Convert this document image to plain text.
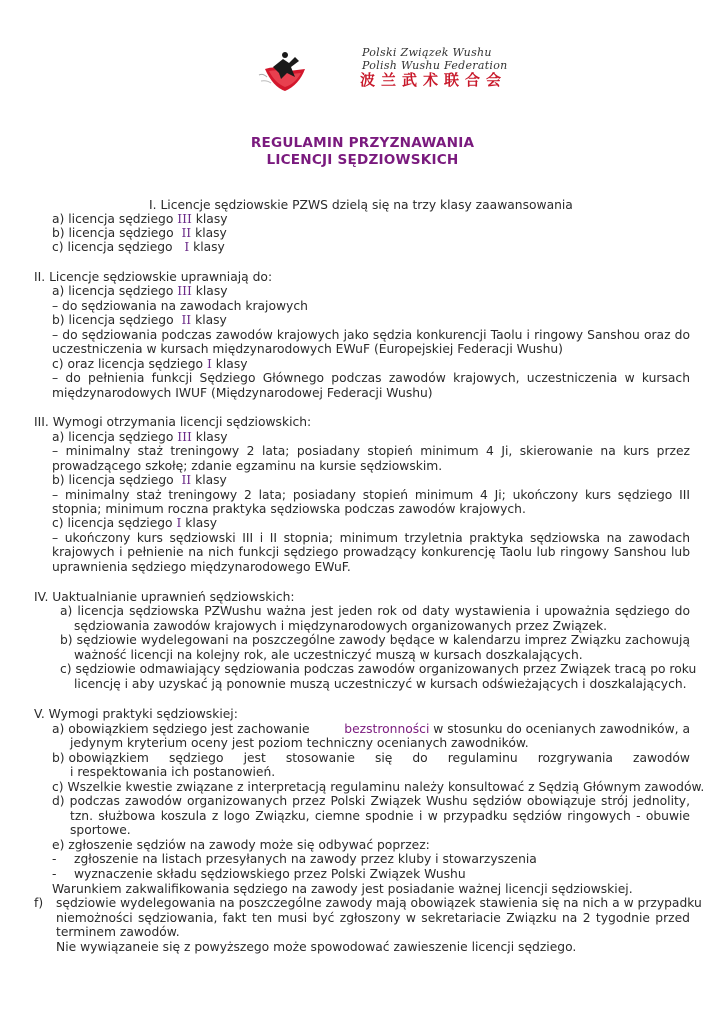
Polski Związek Wushu
Polish Wushu Federation
波兰武术联合会
REGULAMIN PRZYZNAWANIA
LICENCJI SĘDZIOWSKICH
I. Licencje sędziowskie PZWS dzielą się na trzy klasy zaawansowania
a) licencja sędziego III klasy
b) licencja sędziego  II klasy
c) licencja sędziego   I klasy
II. Licencje sędziowskie uprawniają do:
a) licencja sędziego III klasy
– do sędziowania na zawodach krajowych
b) licencja sędziego  II klasy
– do sędziowania podczas zawodów krajowych jako sędzia konkurencji Taolu i ringowy Sanshou oraz do
uczestniczenia w kursach międzynarodowych EWuF (Europejskiej Federacji Wushu)
c) oraz licencja sędziego I klasy
– do pełnienia funkcji Sędziego Głównego podczas zawodów krajowych, uczestniczenia w kursach
międzynarodowych IWUF (Międzynarodowej Federacji Wushu)
III. Wymogi otrzymania licencji sędziowskich:
a) licencja sędziego III klasy
– minimalny staż treningowy 2 lata; posiadany stopień minimum 4 Ji, skierowanie na kurs przez
prowadzącego szkołę; zdanie egzaminu na kursie sędziowskim.
b) licencja sędziego  II klasy
– minimalny staż treningowy 2 lata; posiadany stopień minimum 4 Ji; ukończony kurs sędziego III
stopnia; minimum roczna praktyka sędziowska podczas zawodów krajowych.
c) licencja sędziego I klasy
– ukończony kurs sędziowski III i II stopnia; minimum trzyletnia praktyka sędziowska na zawodach
krajowych i pełnienie na nich funkcji sędziego prowadzący konkurencję Taolu lub ringowy Sanshou lub
uprawnienia sędziego międzynarodowego EWuF.
IV. Uaktualnianie uprawnień sędziowskich:
a) licencja sędziowska PZWushu ważna jest jeden rok od daty wystawienia i upoważnia sędziego do
sędziowania zawodów krajowych i międzynarodowych organizowanych przez Związek.
b) sędziowie wydelegowani na poszczególne zawody będące w kalendarzu imprez Związku zachowują
ważność licencji na kolejny rok, ale uczestniczyć muszą w kursach doszkalających.
c) sędziowie odmawiający sędziowania podczas zawodów organizowanych przez Związek tracą po roku
licencję i aby uzyskać ją ponownie muszą uczestniczyć w kursach odświeżających i doszkalających.
V. Wymogi praktyki sędziowskiej:
a) obowiązkiem sędziego jest zachowanie	bezstronności w stosunku do ocenianych zawodników, a
jedynym kryterium oceny jest poziom techniczny ocenianych zawodników.
b) obowiązkiem sędziego jest stosowanie się do regulaminu rozgrywania zawodów
i respektowania ich postanowień.
c) Wszelkie kwestie związane z interpretacją regulaminu należy konsultować z Sędzią Głównym zawodów.
d) podczas zawodów organizowanych przez Polski Związek Wushu sędziów obowiązuje strój jednolity,
tzn. służbowa koszula z logo Związku, ciemne spodnie i w przypadku sędziów ringowych - obuwie
sportowe.
e) zgłoszenie sędziów na zawody może się odbywać poprzez:
- zgłoszenie na listach przesyłanych na zawody przez kluby i stowarzyszenia
- wyznaczenie składu sędziowskiego przez Polski Związek Wushu
Warunkiem zakwalifikowania sędziego na zawody jest posiadanie ważnej licencji sędziowskiej.
f) sędziowie wydelegowania na poszczególne zawody mają obowiązek stawienia się na nich a w przypadku
niemożności sędziowania, fakt ten musi być zgłoszony w sekretariacie Związku na 2 tygodnie przed
terminem zawodów.
Nie wywiązaneie się z powyższego może spowodować zawieszenie licencji sędziego.
